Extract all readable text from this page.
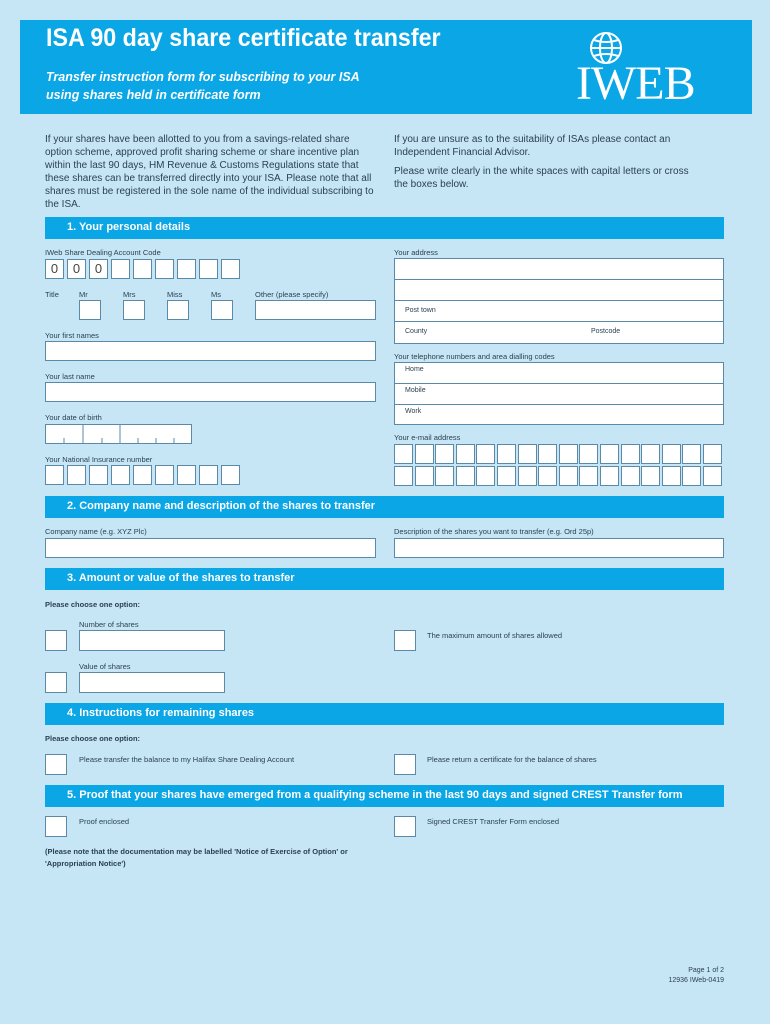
ISA 90 day share certificate transfer
Transfer instruction form for subscribing to your ISA
using shares held in certificate form	IWEB
If your shares have been allotted to you from a savings-related share option scheme, approved profit sharing scheme or share incentive plan within the last 90 days, HM Revenue & Customs Regulations state that these shares can be transferred directly into your ISA. Please note that all shares must be registered in the sole name of the individual subscribing to the ISA.
If you are unsure as to the suitability of ISAs please contact an Independent Financial Advisor.
Please write clearly in the white spaces with capital letters or cross the boxes below.
1. Your personal details
IWeb Share Dealing Account Code
0	0	0
Title	Mr	Mrs	Miss	Ms	Other (please specify)
Your first names
Your last name
Your date of birth
Your National Insurance number
Your address
Post town
County	Postcode
Your telephone numbers and area dialling codes
Home
Mobile
Work
Your e-mail address
2. Company name and description of the shares to transfer
Company name (e.g. XYZ Plc)	Description of the shares you want to transfer (e.g. Ord 25p)
3. Amount or value of the shares to transfer
Please choose one option:
Number of shares
Value of shares
The maximum amount of shares allowed
4. Instructions for remaining shares
Please choose one option:
Please transfer the balance to my Halifax Share Dealing Account	Please return a certificate for the balance of shares
5. Proof that your shares have emerged from a qualifying scheme in the last 90 days and signed CREST Transfer form
Proof enclosed	Signed CREST Transfer Form enclosed
(Please note that the documentation may be labelled 'Notice of Exercise of Option' or 'Appropriation Notice')
Page 1 of 2
12936 IWeb-0419
